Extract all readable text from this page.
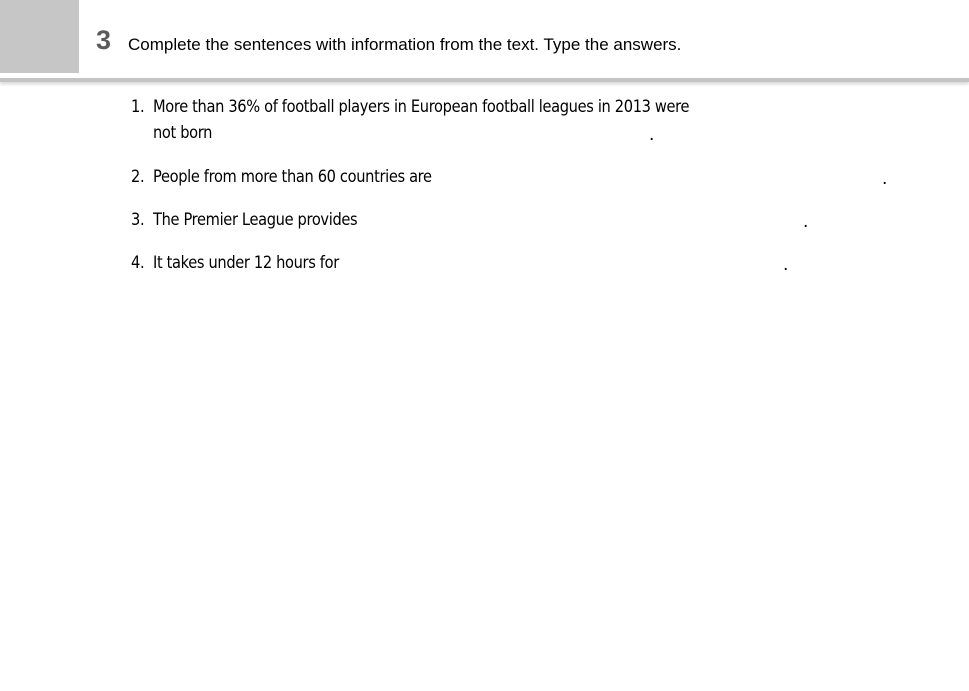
3 Complete the sentences with information from the text. Type the answers.
1. More than 36% of football players in European football leagues in 2013 were
not born	.
2. People from more than 60 countries are	.
3. The Premier League provides	.
4. It takes under 12 hours for	.
